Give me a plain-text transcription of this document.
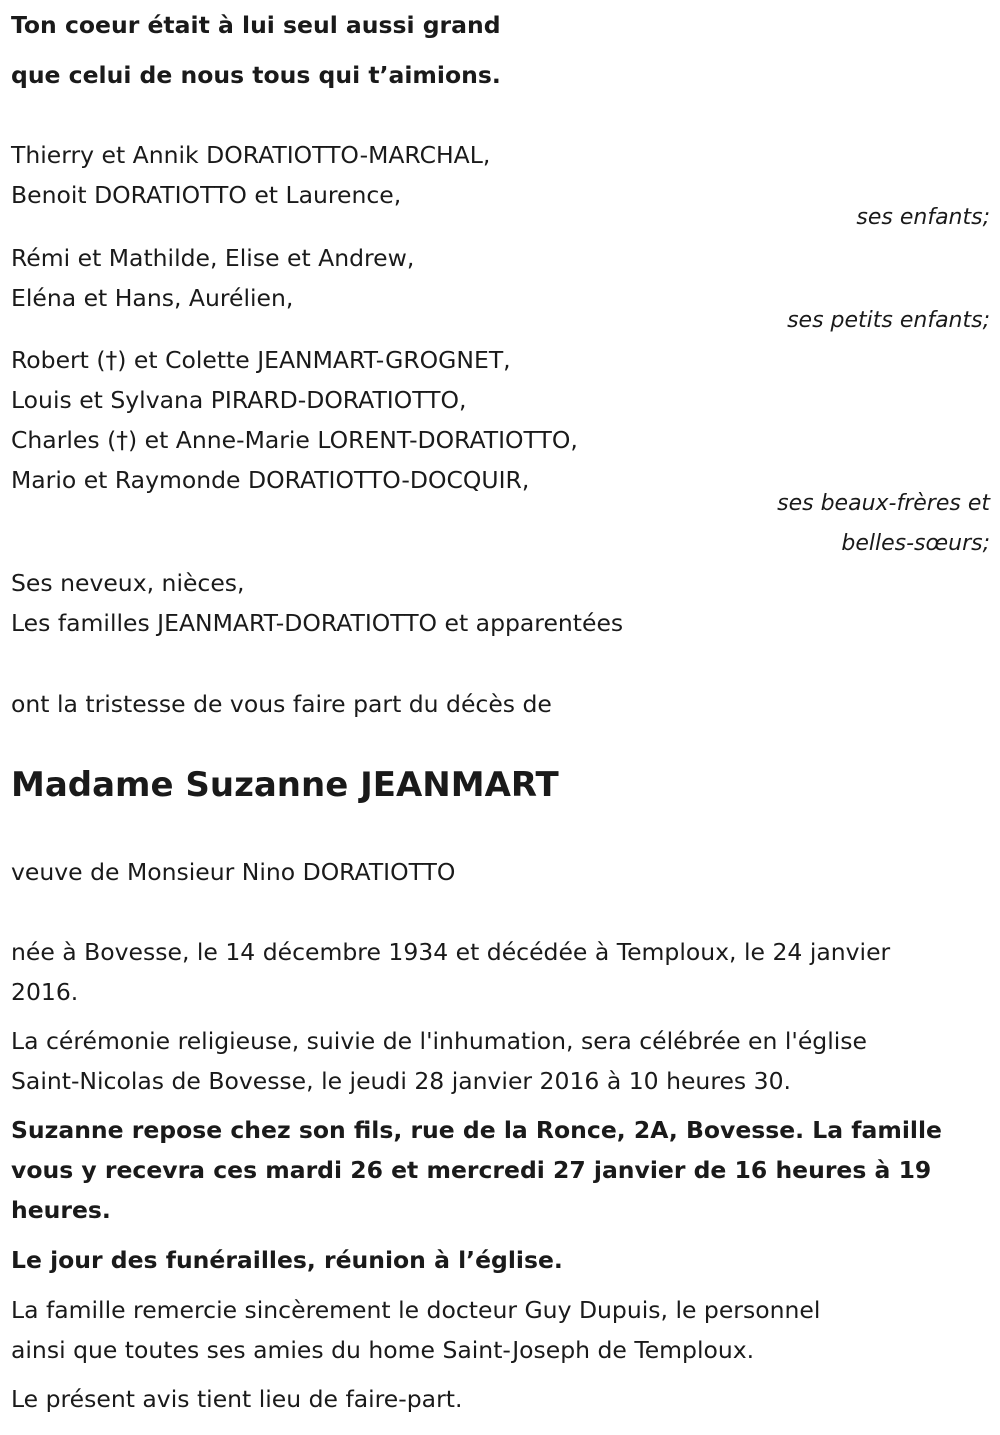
Ton coeur était à lui seul aussi grand
que celui de nous tous qui t’aimions.
Thierry et Annik DORATIOTTO-MARCHAL,
Benoit DORATIOTTO et Laurence,
ses enfants;
Rémi et Mathilde, Elise et Andrew,
Eléna et Hans, Aurélien,
ses petits enfants;
Robert (†) et Colette JEANMART-GROGNET,
Louis et Sylvana PIRARD-DORATIOTTO,
Charles (†) et Anne-Marie LORENT-DORATIOTTO,
Mario et Raymonde DORATIOTTO-DOCQUIR,
ses beaux-frères et
belles-sœurs;
Ses neveux, nièces,
Les familles JEANMART-DORATIOTTO et apparentées
ont la tristesse de vous faire part du décès de
Madame Suzanne JEANMART
veuve de Monsieur Nino DORATIOTTO
née à Bovesse, le 14 décembre 1934 et décédée à Temploux, le 24 janvier
2016.
La cérémonie religieuse, suivie de l'inhumation, sera célébrée en l'église
Saint-Nicolas de Bovesse, le jeudi 28 janvier 2016 à 10 heures 30.
Suzanne repose chez son fils, rue de la Ronce, 2A, Bovesse. La famille
vous y recevra ces mardi 26 et mercredi 27 janvier de 16 heures à 19
heures.
Le jour des funérailles, réunion à l’église.
La famille remercie sincèrement le docteur Guy Dupuis, le personnel
ainsi que toutes ses amies du home Saint-Joseph de Temploux.
Le présent avis tient lieu de faire-part.
